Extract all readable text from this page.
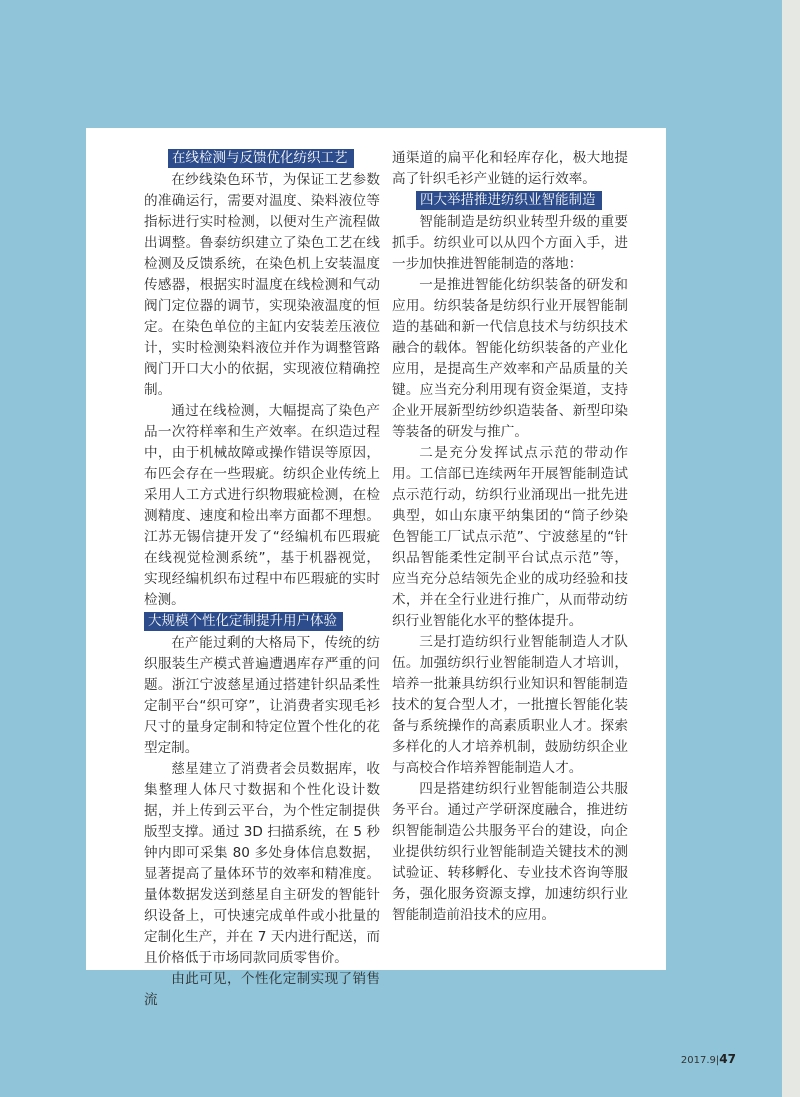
在线检测与反馈优化纺织工艺

在纱线染色环节，为保证工艺参数的准确运行，需要对温度、染料液位等指标进行实时检测，以便对生产流程做出调整。鲁泰纺织建立了染色工艺在线检测及反馈系统，在染色机上安装温度传感器，根据实时温度在线检测和气动阀门定位器的调节，实现染液温度的恒定。在染色单位的主缸内安装差压液位计，实时检测染料液位并作为调整管路阀门开口大小的依据，实现液位精确控制。

通过在线检测，大幅提高了染色产品一次符样率和生产效率。在织造过程中，由于机械故障或操作错误等原因，布匹会存在一些瑕疵。纺织企业传统上采用人工方式进行织物瑕疵检测，在检测精度、速度和检出率方面都不理想。江苏无锡信捷开发了“经编机布匹瑕疵在线视觉检测系统”，基于机器视觉，实现经编机织布过程中布匹瑕疵的实时检测。

大规模个性化定制提升用户体验

在产能过剩的大格局下，传统的纺织服装生产模式普遍遭遇库存严重的问题。浙江宁波慈星通过搭建针织品柔性定制平台“织可穿”，让消费者实现毛衫尺寸的量身定制和特定位置个性化的花型定制。

慈星建立了消费者会员数据库，收集整理人体尺寸数据和个性化设计数据，并上传到云平台，为个性定制提供版型支撑。通过 3D 扫描系统，在 5 秒钟内即可采集 80 多处身体信息数据，显著提高了量体环节的效率和精准度。量体数据发送到慈星自主研发的智能针织设备上，可快速完成单件或小批量的定制化生产，并在 7 天内进行配送，而且价格低于市场同款同质零售价。

由此可见，个性化定制实现了销售流

通渠道的扁平化和轻库存化，极大地提高了针织毛衫产业链的运行效率。

四大举措推进纺织业智能制造

智能制造是纺织业转型升级的重要抓手。纺织业可以从四个方面入手，进一步加快推进智能制造的落地：

一是推进智能化纺织装备的研发和应用。纺织装备是纺织行业开展智能制造的基础和新一代信息技术与纺织技术融合的载体。智能化纺织装备的产业化应用，是提高生产效率和产品质量的关键。应当充分利用现有资金渠道，支持企业开展新型纺纱织造装备、新型印染等装备的研发与推广。

二是充分发挥试点示范的带动作用。工信部已连续两年开展智能制造试点示范行动，纺织行业涌现出一批先进典型，如山东康平纳集团的“筒子纱染色智能工厂试点示范”、宁波慈星的“针织品智能柔性定制平台试点示范”等，应当充分总结领先企业的成功经验和技术，并在全行业进行推广，从而带动纺织行业智能化水平的整体提升。

三是打造纺织行业智能制造人才队伍。加强纺织行业智能制造人才培训，培养一批兼具纺织行业知识和智能制造技术的复合型人才，一批擅长智能化装备与系统操作的高素质职业人才。探索多样化的人才培养机制，鼓励纺织企业与高校合作培养智能制造人才。

四是搭建纺织行业智能制造公共服务平台。通过产学研深度融合，推进纺织智能制造公共服务平台的建设，向企业提供纺织行业智能制造关键技术的测试验证、转移孵化、专业技术咨询等服务，强化服务资源支撑，加速纺织行业智能制造前沿技术的应用。

2017.9|47
